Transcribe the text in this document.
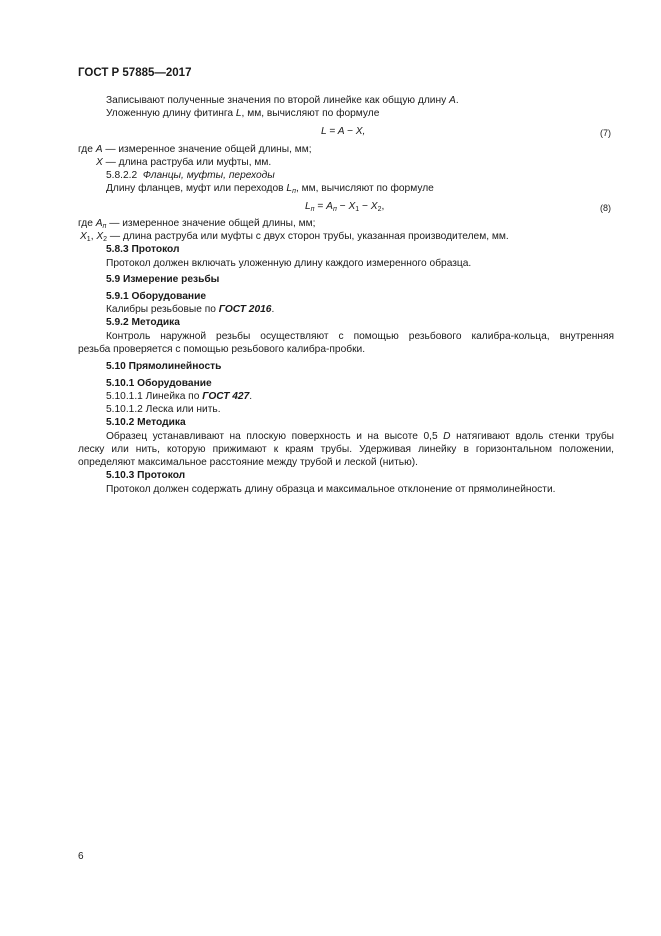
ГОСТ Р 57885—2017
Записывают полученные значения по второй линейке как общую длину A.
Уложенную длину фитинга L, мм, вычисляют по формуле
L = A − X,	(7)
где A — измеренное значение общей длины, мм;
X — длина раструба или муфты, мм.
5.8.2.2 Фланцы, муфты, переходы
Длину фланцев, муфт или переходов $L_п$, мм, вычисляют по формуле
$L_п = A_п - X_1 - X_2$,	(8)
где $A_п$ — измеренное значение общей длины, мм;
$X_1$, $X_2$ — длина раструба или муфты с двух сторон трубы, указанная производителем, мм.
5.8.3 Протокол
Протокол должен включать уложенную длину каждого измеренного образца.
5.9 Измерение резьбы
5.9.1 Оборудование
Калибры резьбовые по ГОСТ 2016.
5.9.2 Методика
Контроль наружной резьбы осуществляют с помощью резьбового калибра-кольца, внутренняя
резьба проверяется с помощью резьбового калибра-пробки.
5.10 Прямолинейность
5.10.1 Оборудование
5.10.1.1 Линейка по ГОСТ 427.
5.10.1.2 Леска или нить.
5.10.2 Методика
Образец устанавливают на плоскую поверхность и на высоте 0,5 D натягивают вдоль стенки трубы
леску или нить, которую прижимают к краям трубы. Удерживая линейку в горизонтальном положении,
определяют максимальное расстояние между трубой и леской (нитью).
5.10.3 Протокол
Протокол должен содержать длину образца и максимальное отклонение от прямолинейности.
6
